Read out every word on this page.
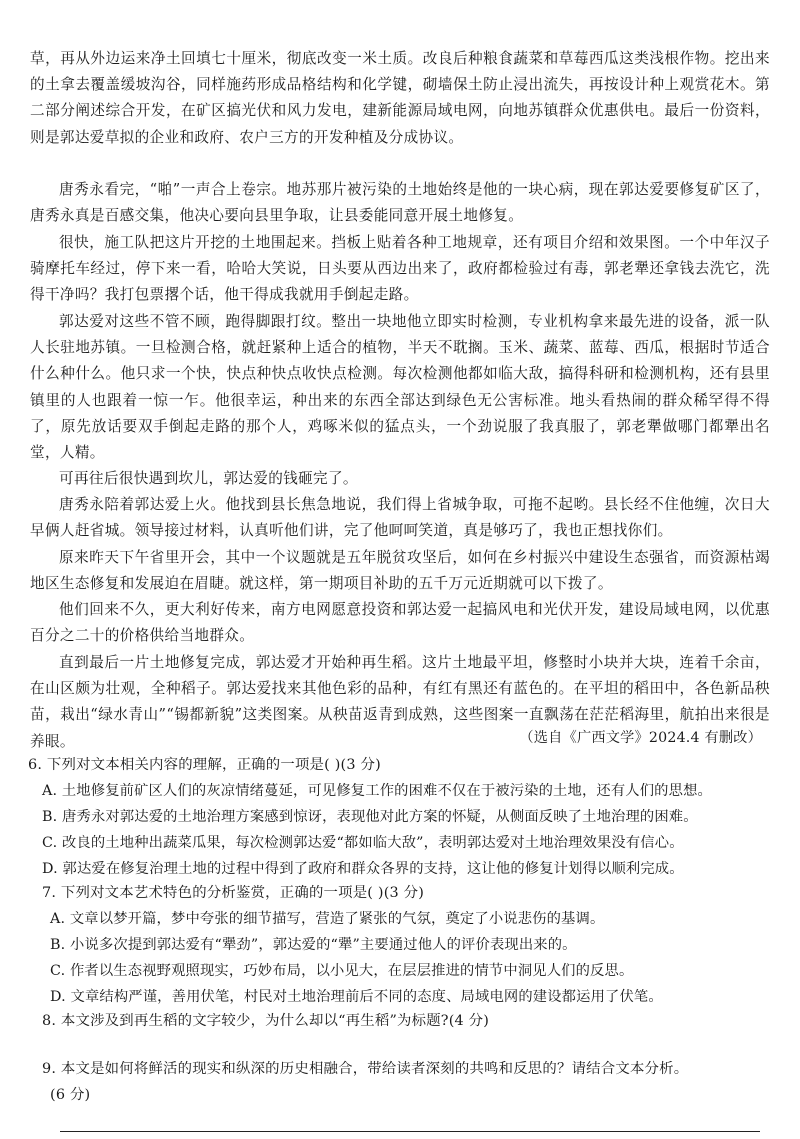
草，再从外边运来净土回填七十厘米，彻底改变一米土质。改良后种粮食蔬菜和草莓西瓜这类浅根作物。挖出来的土拿去覆盖缓坡沟谷，同样施药形成品格结构和化学键，砌墙保土防止浸出流失，再按设计种上观赏花木。第二部分阐述综合开发，在矿区搞光伏和风力发电，建新能源局域电网，向地苏镇群众优惠供电。最后一份资料，则是郭达爱草拟的企业和政府、农户三方的开发种植及分成协议。

唐秀永看完，“啪”一声合上卷宗。地苏那片被污染的土地始终是他的一块心病，现在郭达爱要修复矿区了，唐秀永真是百感交集，他决心要向县里争取，让县委能同意开展土地修复。

很快，施工队把这片开挖的土地围起来。挡板上贴着各种工地规章，还有项目介绍和效果图。一个中年汉子骑摩托车经过，停下来一看，哈哈大笑说，日头要从西边出来了，政府都检验过有毒，郭老犟还拿钱去洗它，洗得干净吗？我打包票撂个话，他干得成我就用手倒起走路。

郭达爱对这些不管不顾，跑得脚跟打纹。整出一块地他立即实时检测，专业机构拿来最先进的设备，派一队人长驻地苏镇。一旦检测合格，就赶紧种上适合的植物，半天不耽搁。玉米、蔬菜、蓝莓、西瓜，根据时节适合什么种什么。他只求一个快，快点种快点收快点检测。每次检测他都如临大敌，搞得科研和检测机构，还有县里镇里的人也跟着一惊一乍。他很幸运，种出来的东西全部达到绿色无公害标准。地头看热闹的群众稀罕得不得了，原先放话要双手倒起走路的那个人，鸡啄米似的猛点头，一个劲说服了我真服了，郭老犟做哪门都犟出名堂，人精。

可再往后很快遇到坎儿，郭达爱的钱砸完了。

唐秀永陪着郭达爱上火。他找到县长焦急地说，我们得上省城争取，可拖不起哟。县长经不住他缠，次日大早俩人赶省城。领导接过材料，认真听他们讲，完了他呵呵笑道，真是够巧了，我也正想找你们。

原来昨天下午省里开会，其中一个议题就是五年脱贫攻坚后，如何在乡村振兴中建设生态强省，而资源枯竭地区生态修复和发展迫在眉睫。就这样，第一期项目补助的五千万元近期就可以下拨了。

他们回来不久，更大利好传来，南方电网愿意投资和郭达爱一起搞风电和光伏开发，建设局域电网，以优惠百分之二十的价格供给当地群众。

直到最后一片土地修复完成，郭达爱才开始种再生稻。这片土地最平坦，修整时小块并大块，连着千余亩，在山区颇为壮观，全种稻子。郭达爱找来其他色彩的品种，有红有黑还有蓝色的。在平坦的稻田中，各色新品秧苗，栽出“绿水青山”“锡都新貌”这类图案。从秧苗返青到成熟，这些图案一直飘荡在茫茫稻海里，航拍出来很是养眼。	（选自《广西文学》2024.4 有删改）

6. 下列对文本相关内容的理解，正确的一项是( )(3 分)

A. 土地修复前矿区人们的灰凉情绪蔓延，可见修复工作的困难不仅在于被污染的土地，还有人们的思想。

B. 唐秀永对郭达爱的土地治理方案感到惊讶，表现他对此方案的怀疑，从侧面反映了土地治理的困难。

C. 改良的土地种出蔬菜瓜果，每次检测郭达爱“都如临大敌”，表明郭达爱对土地治理效果没有信心。

D. 郭达爱在修复治理土地的过程中得到了政府和群众各界的支持，这让他的修复计划得以顺利完成。

7. 下列对文本艺术特色的分析鉴赏，正确的一项是( )(3 分)

A. 文章以梦开篇，梦中夸张的细节描写，营造了紧张的气氛，奠定了小说悲伤的基调。

B. 小说多次提到郭达爱有“犟劲”，郭达爱的“犟”主要通过他人的评价表现出来的。

C. 作者以生态视野观照现实，巧妙布局，以小见大，在层层推进的情节中洞见人们的反思。

D. 文章结构严谨，善用伏笔，村民对土地治理前后不同的态度、局域电网的建设都运用了伏笔。

8. 本文涉及到再生稻的文字较少，为什么却以“再生稻”为标题?(4 分)

9. 本文是如何将鲜活的现实和纵深的历史相融合，带给读者深刻的共鸣和反思的？请结合文本分析。

(6 分)
